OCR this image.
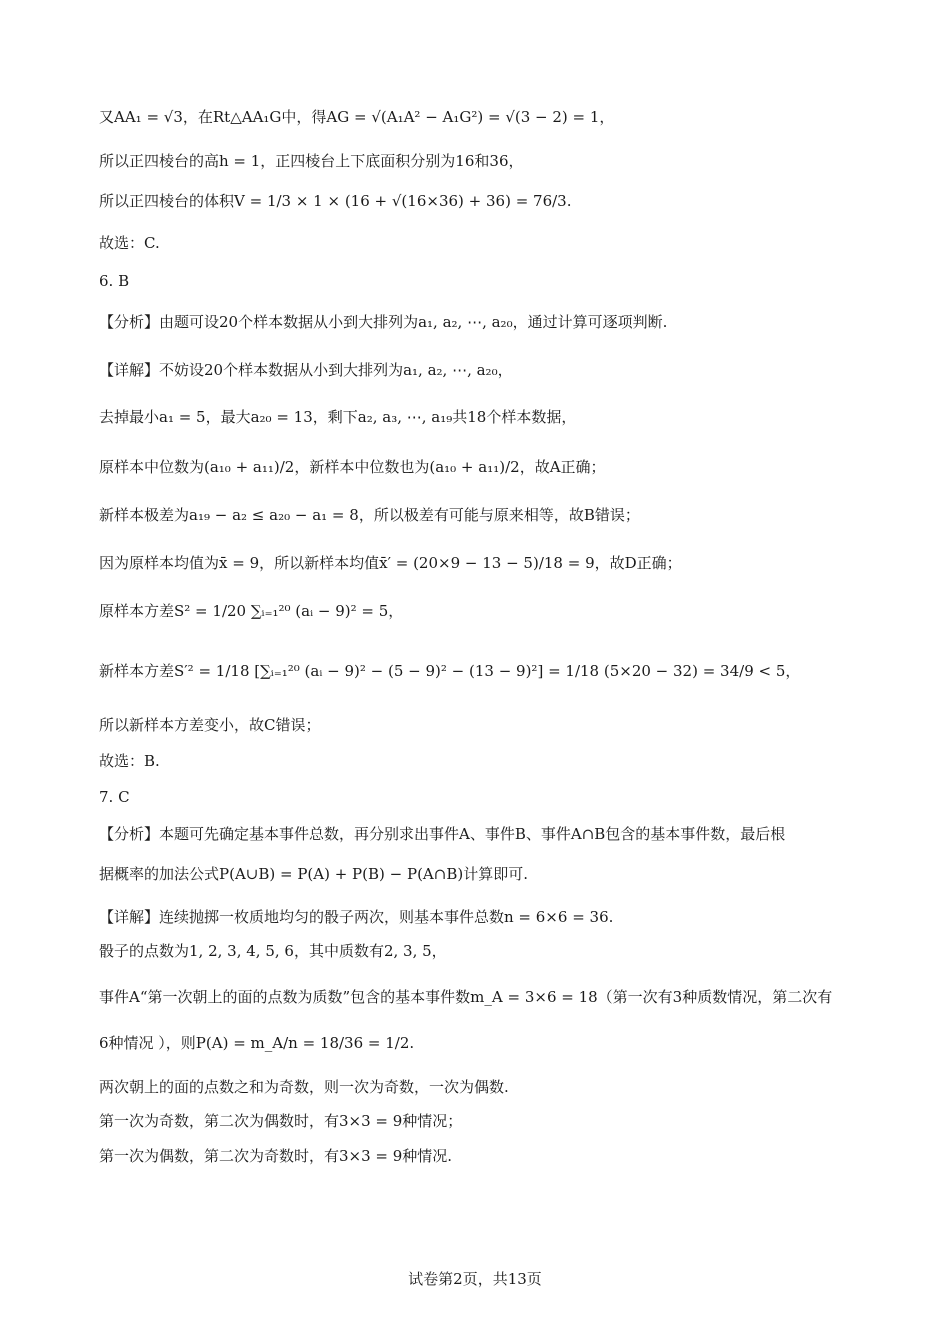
又AA₁ = √3，在Rt△AA₁G中，得AG = √(A₁A² − A₁G²) = √(3 − 2) = 1，
所以正四棱台的高h = 1，正四棱台上下底面积分别为16和36，
所以正四棱台的体积V = 1/3 × 1 × (16 + √(16×36) + 36) = 76/3.
故选：C.
6. B
【分析】由题可设20个样本数据从小到大排列为a₁, a₂, ⋯, a₂₀，通过计算可逐项判断.
【详解】不妨设20个样本数据从小到大排列为a₁, a₂, ⋯, a₂₀，
去掉最小a₁ = 5，最大a₂₀ = 13，剩下a₂, a₃, ⋯, a₁₉共18个样本数据，
原样本中位数为(a₁₀ + a₁₁)/2，新样本中位数也为(a₁₀ + a₁₁)/2，故A正确；
新样本极差为a₁₉ − a₂ ≤ a₂₀ − a₁ = 8，所以极差有可能与原来相等，故B错误；
因为原样本均值为x̄ = 9，所以新样本均值x̄′ = (20×9 − 13 − 5)/18 = 9，故D正确；
原样本方差S² = 1/20 ∑ᵢ₌₁²⁰ (aᵢ − 9)² = 5，
新样本方差S′² = 1/18 [∑ᵢ₌₁²⁰ (aᵢ − 9)² − (5 − 9)² − (13 − 9)²] = 1/18 (5×20 − 32) = 34/9 < 5，
所以新样本方差变小，故C错误；
故选：B.
7. C
【分析】本题可先确定基本事件总数，再分别求出事件A、事件B、事件A∩B包含的基本事件数，最后根
据概率的加法公式P(A∪B) = P(A) + P(B) − P(A∩B)计算即可.
【详解】连续抛掷一枚质地均匀的骰子两次，则基本事件总数n = 6×6 = 36.
骰子的点数为1, 2, 3, 4, 5, 6，其中质数有2, 3, 5，
事件A“第一次朝上的面的点数为质数”包含的基本事件数m_A = 3×6 = 18（第一次有3种质数情况，第二次有
6种情况 ），则P(A) = m_A/n = 18/36 = 1/2.
两次朝上的面的点数之和为奇数，则一次为奇数，一次为偶数.
第一次为奇数，第二次为偶数时，有3×3 = 9种情况；
第一次为偶数，第二次为奇数时，有3×3 = 9种情况.
试卷第2页，共13页
